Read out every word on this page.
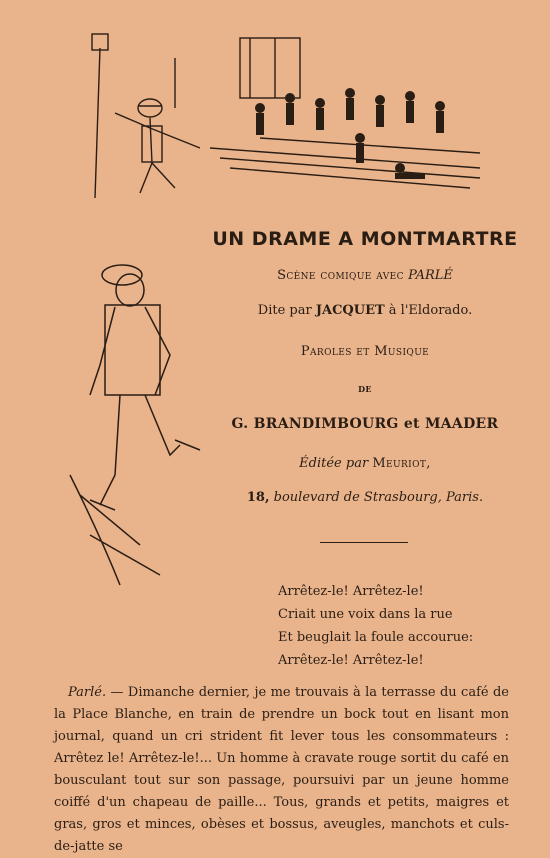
UN DRAME A MONTMARTRE
Scène comique avec PARLÉ
Dite par JACQUET à l'Eldorado.
Paroles et Musique
de
G. BRANDIMBOURG et MAADER
Éditée par Meuriot,
18, boulevard de Strasbourg, Paris.
Arrêtez-le! Arrêtez-le!
Criait une voix dans la rue
Et beuglait la foule accourue:
Arrêtez-le! Arrêtez-le!

Parlé. — Dimanche dernier, je me trouvais à la terrasse du café de la Place Blanche, en train de prendre un bock tout en lisant mon journal, quand un cri strident fit lever tous les consommateurs : Arrêtez le! Arrêtez-le!... Un homme à cravate rouge sortit du café en bousculant tout sur son passage, poursuivi par un jeune homme coiffé d'un chapeau de paille... Tous, grands et petits, maigres et gras, gros et minces, obèses et bossus, aveugles, manchots et culs-de-jatte se
